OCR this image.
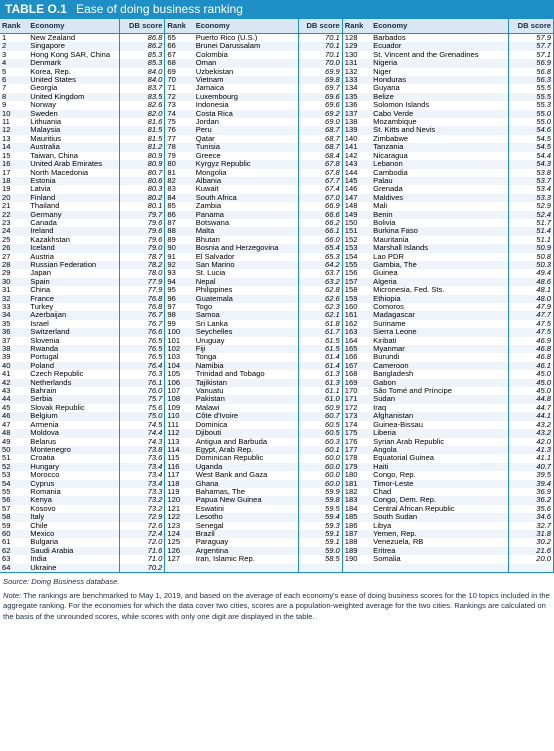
TABLE O.1 Ease of doing business ranking
Rank	Economy	DB score	Rank	Economy	DB score	Rank	Economy	DB score
1	New Zealand	86.8	65	Puerto Rico (U.S.)	70.1	128	Barbados	57.9
2	Singapore	86.2	66	Brunei Darussalam	70.1	129	Ecuador	57.7
3	Hong Kong SAR, China	85.3	67	Colombia	70.1	130	St. Vincent and the Grenadines	57.1
4	Denmark	85.3	68	Oman	70.0	131	Nigeria	56.9
5	Korea, Rep.	84.0	69	Uzbekistan	69.9	132	Niger	56.8
6	United States	84.0	70	Vietnam	69.8	133	Honduras	56.3
7	Georgia	83.7	71	Jamaica	69.7	134	Guyana	55.5
8	United Kingdom	83.5	72	Luxembourg	69.6	135	Belize	55.5
9	Norway	82.6	73	Indonesia	69.6	136	Solomon Islands	55.3
10	Sweden	82.0	74	Costa Rica	69.2	137	Cabo Verde	55.0
11	Lithuania	81.6	75	Jordan	69.0	138	Mozambique	55.0
12	Malaysia	81.5	76	Peru	68.7	139	St. Kitts and Nevis	54.6
13	Mauritius	81.5	77	Qatar	68.7	140	Zimbabwe	54.5
14	Australia	81.2	78	Tunisia	68.7	141	Tanzania	54.5
15	Taiwan, China	80.9	79	Greece	68.4	142	Nicaragua	54.4
16	United Arab Emirates	80.9	80	Kyrgyz Republic	67.8	143	Lebanon	54.3
17	North Macedonia	80.7	81	Mongolia	67.8	144	Cambodia	53.8
18	Estonia	80.6	82	Albania	67.7	145	Palau	53.7
19	Latvia	80.3	83	Kuwait	67.4	146	Grenada	53.4
20	Finland	80.2	84	South Africa	67.0	147	Maldives	53.3
21	Thailand	80.1	85	Zambia	66.9	148	Mali	52.9
22	Germany	79.7	86	Panama	66.6	149	Benin	52.4
23	Canada	79.6	87	Botswana	66.2	150	Bolivia	51.7
24	Ireland	79.6	88	Malta	66.1	151	Burkina Faso	51.4
25	Kazakhstan	79.6	89	Bhutan	66.0	152	Mauritania	51.1
26	Iceland	79.0	90	Bosnia and Herzegovina	65.4	153	Marshall Islands	50.9
27	Austria	78.7	91	El Salvador	65.3	154	Lao PDR	50.8
28	Russian Federation	78.2	92	San Marino	64.2	155	Gambia, The	50.3
29	Japan	78.0	93	St. Lucia	63.7	156	Guinea	49.4
30	Spain	77.9	94	Nepal	63.2	157	Algeria	48.6
31	China	77.9	95	Philippines	62.8	158	Micronesia, Fed. Sts.	48.1
32	France	76.8	96	Guatemala	62.6	159	Ethiopia	48.0
33	Turkey	76.8	97	Togo	62.3	160	Comoros	47.9
34	Azerbaijan	76.7	98	Samoa	62.1	161	Madagascar	47.7
35	Israel	76.7	99	Sri Lanka	61.8	162	Suriname	47.5
36	Switzerland	76.6	100	Seychelles	61.7	163	Sierra Leone	47.5
37	Slovenia	76.5	101	Uruguay	61.5	164	Kiribati	46.9
38	Rwanda	76.5	102	Fiji	61.5	165	Myanmar	46.8
39	Portugal	76.5	103	Tonga	61.4	166	Burundi	46.8
40	Poland	76.4	104	Namibia	61.4	167	Cameroon	46.1
41	Czech Republic	76.3	105	Trinidad and Tobago	61.3	168	Bangladesh	45.0
42	Netherlands	76.1	106	Tajikistan	61.3	169	Gabon	45.0
43	Bahrain	76.0	107	Vanuatu	61.1	170	São Tomé and Príncipe	45.0
44	Serbia	75.7	108	Pakistan	61.0	171	Sudan	44.8
45	Slovak Republic	75.6	109	Malawi	60.9	172	Iraq	44.7
46	Belgium	75.0	110	Côte d'Ivoire	60.7	173	Afghanistan	44.1
47	Armenia	74.5	111	Dominica	60.5	174	Guinea-Bissau	43.2
48	Moldova	74.4	112	Djibouti	60.5	175	Liberia	43.2
49	Belarus	74.3	113	Antigua and Barbuda	60.3	176	Syrian Arab Republic	42.0
50	Montenegro	73.8	114	Egypt, Arab Rep.	60.1	177	Angola	41.3
51	Croatia	73.6	115	Dominican Republic	60.0	178	Equatorial Guinea	41.1
52	Hungary	73.4	116	Uganda	60.0	179	Haiti	40.7
53	Morocco	73.4	117	West Bank and Gaza	60.0	180	Congo, Rep.	39.5
54	Cyprus	73.4	118	Ghana	60.0	181	Timor-Leste	39.4
55	Romania	73.3	119	Bahamas, The	59.9	182	Chad	36.9
56	Kenya	73.2	120	Papua New Guinea	59.8	183	Congo, Dem. Rep.	36.2
57	Kosovo	73.2	121	Eswatini	59.5	184	Central African Republic	35.6
58	Italy	72.9	122	Lesotho	59.4	185	South Sudan	34.6
59	Chile	72.6	123	Senegal	59.3	186	Libya	32.7
60	Mexico	72.4	124	Brazil	59.1	187	Yemen, Rep.	31.8
61	Bulgaria	72.0	125	Paraguay	59.1	188	Venezuela, RB	30.2
62	Saudi Arabia	71.6	126	Argentina	59.0	189	Eritrea	21.6
63	India	71.0	127	Iran, Islamic Rep.	58.5	190	Somalia	20.0
64	Ukraine	70.2						
Source: Doing Business database.
Note: The rankings are benchmarked to May 1, 2019, and based on the average of each economy's ease of doing business scores for the 10 topics included in the aggregate ranking. For the economies for which the data cover two cities, scores are a population-weighted average for the two cities. Rankings are calculated on the basis of the unrounded scores, while scores with only one digit are displayed in the table.
